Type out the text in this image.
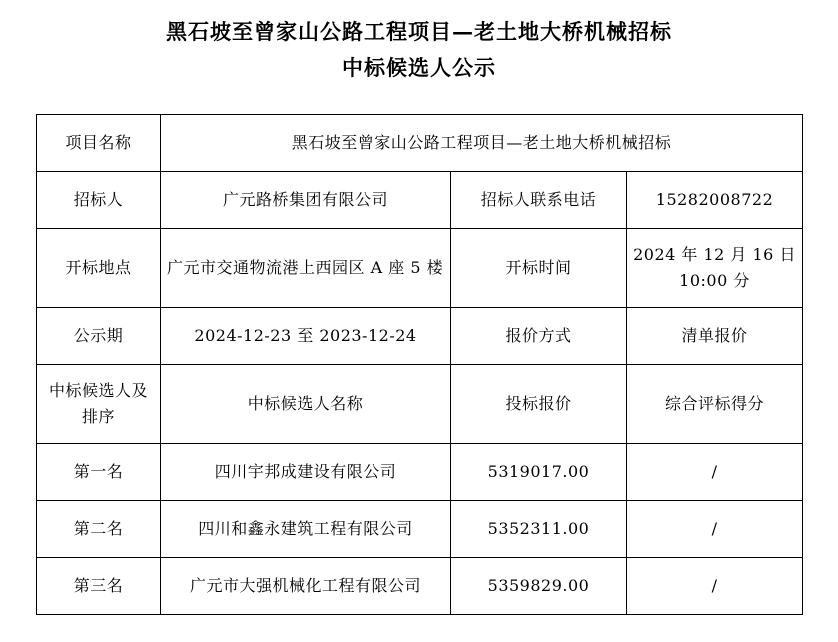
黑石坡至曾家山公路工程项目—老土地大桥机械招标
中标候选人公示
项目名称	黑石坡至曾家山公路工程项目—老土地大桥机械招标		
招标人	广元路桥集团有限公司	招标人联系电话	15282008722
开标地点	广元市交通物流港上西园区 A 座 5 楼	开标时间	2024 年 12 月 16 日 10:00 分
公示期	2024-12-23 至 2023-12-24	报价方式	清单报价
中标候选人及排序	中标候选人名称	投标报价	综合评标得分
第一名	四川宇邦成建设有限公司	5319017.00	/
第二名	四川和鑫永建筑工程有限公司	5352311.00	/
第三名	广元市大强机械化工程有限公司	5359829.00	/
